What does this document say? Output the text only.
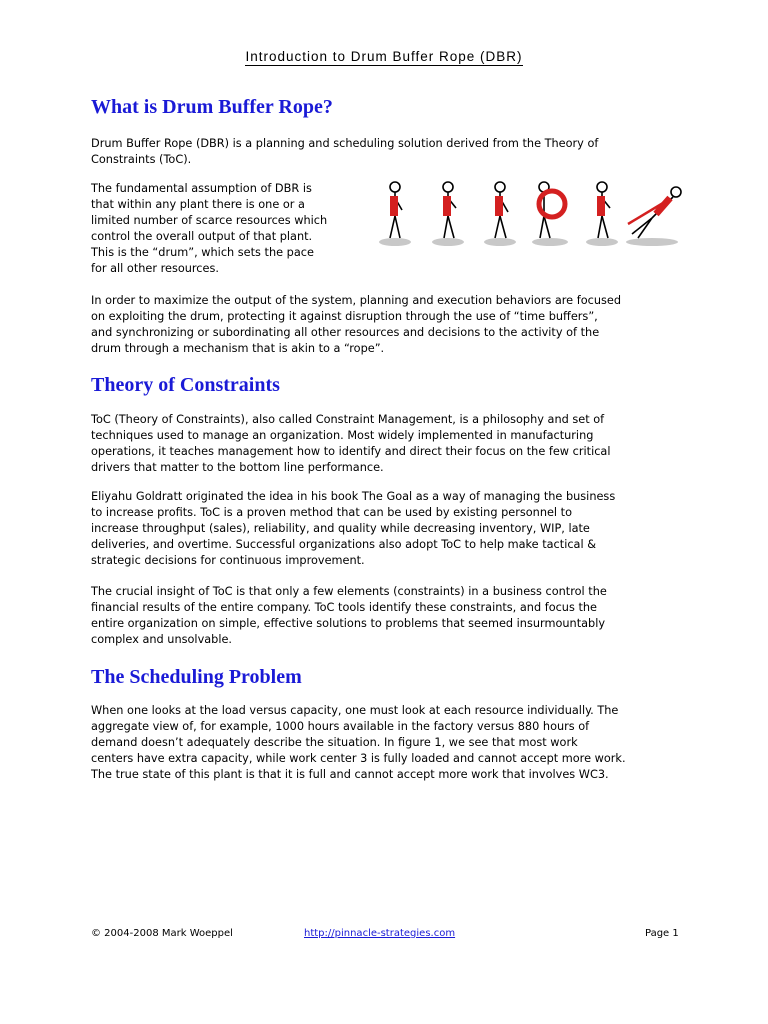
Introduction to Drum Buffer Rope (DBR)
What is Drum Buffer Rope?

Drum Buffer Rope (DBR) is a planning and scheduling solution derived from the Theory of
Constraints (ToC).

The fundamental assumption of DBR is
that within any plant there is one or a
limited number of scarce resources which
control the overall output of that plant.
This is the “drum”, which sets the pace
for all other resources.

In order to maximize the output of the system, planning and execution behaviors are focused
on exploiting the drum, protecting it against disruption through the use of “time buffers”,
and synchronizing or subordinating all other resources and decisions to the activity of the
drum through a mechanism that is akin to a “rope”.

Theory of Constraints

ToC (Theory of Constraints), also called Constraint Management, is a philosophy and set of
techniques used to manage an organization. Most widely implemented in manufacturing
operations, it teaches management how to identify and direct their focus on the few critical
drivers that matter to the bottom line performance.

Eliyahu Goldratt originated the idea in his book The Goal as a way of managing the business
to increase profits. ToC is a proven method that can be used by existing personnel to
increase throughput (sales), reliability, and quality while decreasing inventory, WIP, late
deliveries, and overtime. Successful organizations also adopt ToC to help make tactical &
strategic decisions for continuous improvement.

The crucial insight of ToC is that only a few elements (constraints) in a business control the
financial results of the entire company. ToC tools identify these constraints, and focus the
entire organization on simple, effective solutions to problems that seemed insurmountably
complex and unsolvable.

The Scheduling Problem

When one looks at the load versus capacity, one must look at each resource individually. The
aggregate view of, for example, 1000 hours available in the factory versus 880 hours of
demand doesn’t adequately describe the situation. In figure 1, we see that most work
centers have extra capacity, while work center 3 is fully loaded and cannot accept more work.
The true state of this plant is that it is full and cannot accept more work that involves WC3.

© 2004-2008 Mark Woeppel	http://pinnacle-strategies.com	Page 1
